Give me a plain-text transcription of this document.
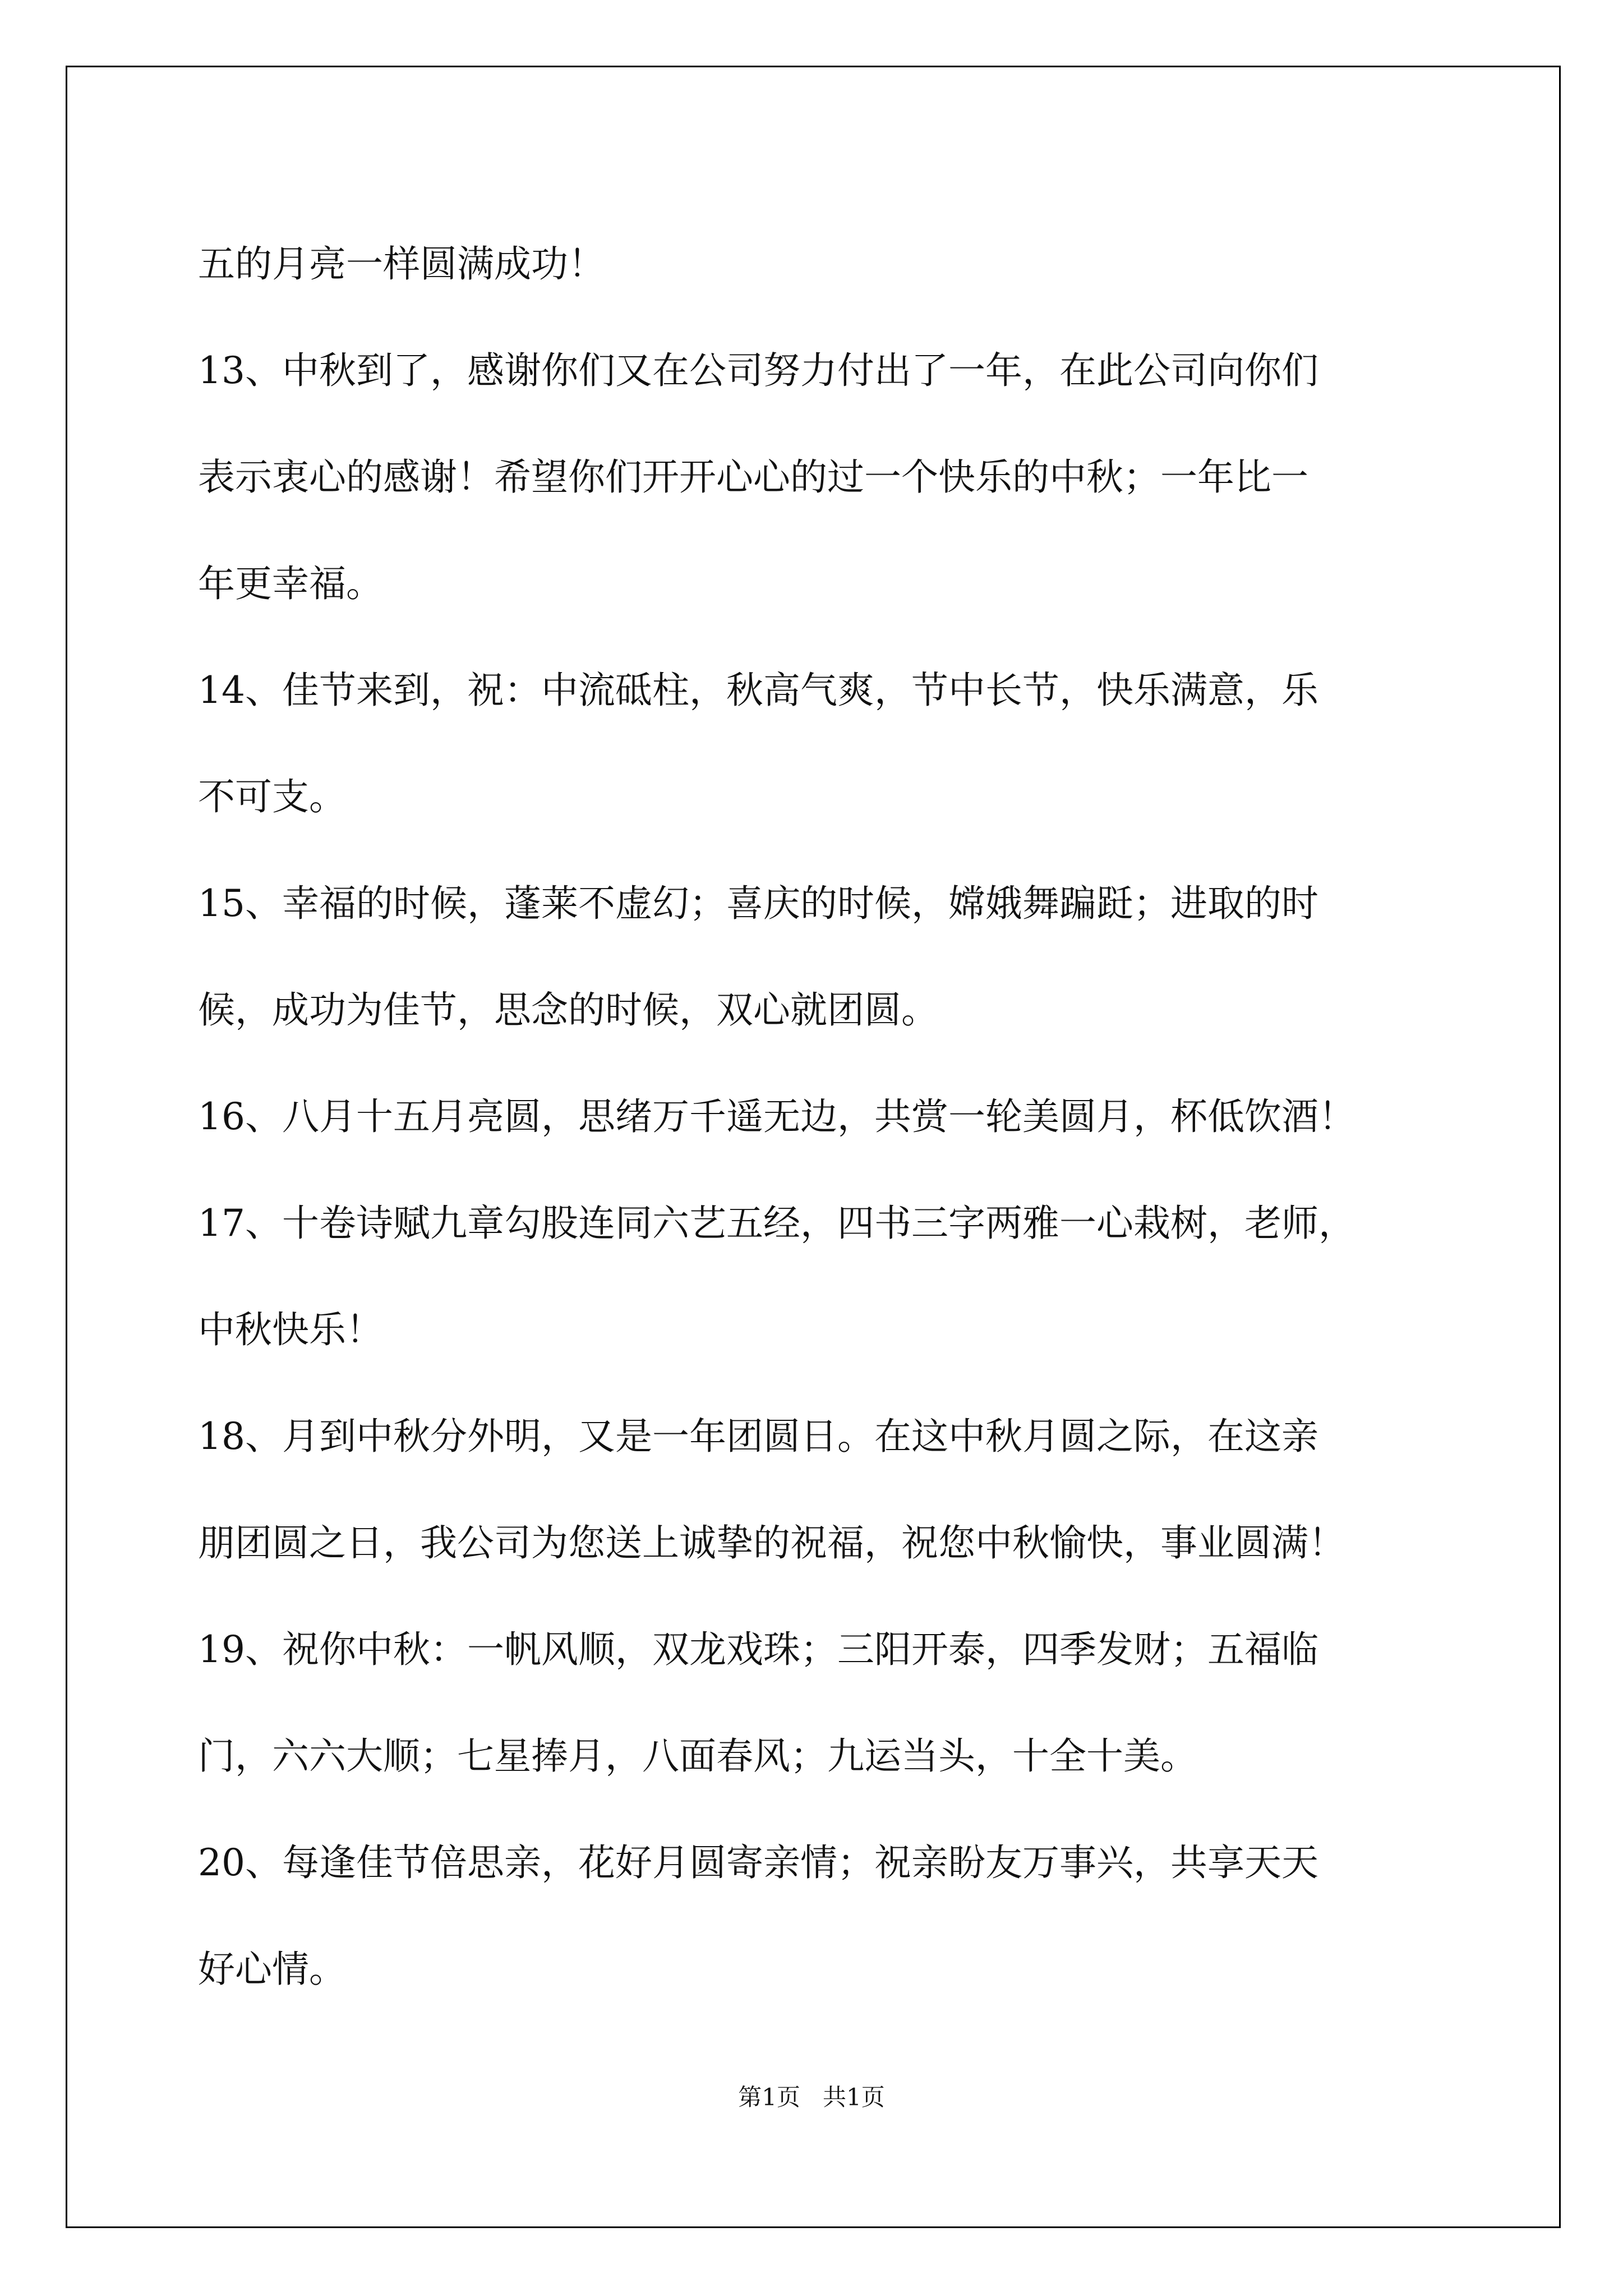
五的月亮一样圆满成功！
13、中秋到了，感谢你们又在公司努力付出了一年，在此公司向你们
表示衷心的感谢！希望你们开开心心的过一个快乐的中秋；一年比一
年更幸福。
14、佳节来到，祝：中流砥柱，秋高气爽，节中长节，快乐满意，乐
不可支。
15、幸福的时候，蓬莱不虚幻；喜庆的时候，嫦娥舞蹁跹；进取的时
候，成功为佳节，思念的时候，双心就团圆。
16、八月十五月亮圆，思绪万千遥无边，共赏一轮美圆月，杯低饮酒！
17、十卷诗赋九章勾股连同六艺五经，四书三字两雅一心栽树，老师，
中秋快乐！
18、月到中秋分外明，又是一年团圆日。在这中秋月圆之际，在这亲
朋团圆之日，我公司为您送上诚挚的祝福，祝您中秋愉快，事业圆满！
19、祝你中秋：一帆风顺，双龙戏珠；三阳开泰，四季发财；五福临
门，六六大顺；七星捧月，八面春风；九运当头，十全十美。
20、每逢佳节倍思亲，花好月圆寄亲情；祝亲盼友万事兴，共享天天
好心情。
第1页   共1页
